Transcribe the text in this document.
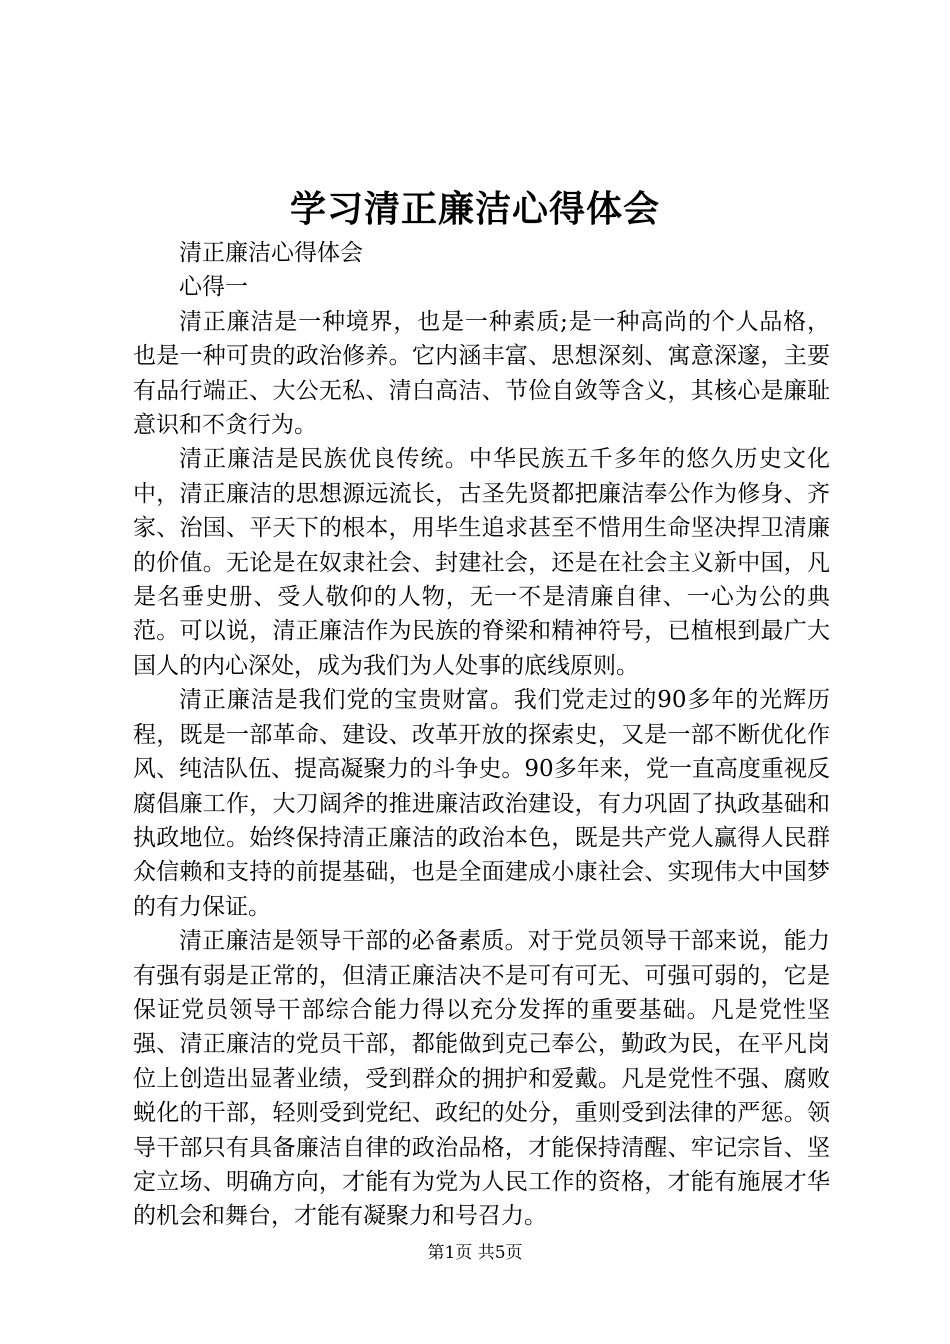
学习清正廉洁心得体会

清正廉洁心得体会

心得一

清正廉洁是一种境界，也是一种素质;是一种高尚的个人品格，也是一种可贵的政治修养。它内涵丰富、思想深刻、寓意深邃，主要有品行端正、大公无私、清白高洁、节俭自敛等含义，其核心是廉耻意识和不贪行为。

清正廉洁是民族优良传统。中华民族五千多年的悠久历史文化中，清正廉洁的思想源远流长，古圣先贤都把廉洁奉公作为修身、齐家、治国、平天下的根本，用毕生追求甚至不惜用生命坚决捍卫清廉的价值。无论是在奴隶社会、封建社会，还是在社会主义新中国，凡是名垂史册、受人敬仰的人物，无一不是清廉自律、一心为公的典范。可以说，清正廉洁作为民族的脊梁和精神符号，已植根到最广大国人的内心深处，成为我们为人处事的底线原则。

清正廉洁是我们党的宝贵财富。我们党走过的90多年的光辉历程，既是一部革命、建设、改革开放的探索史，又是一部不断优化作风、纯洁队伍、提高凝聚力的斗争史。90多年来，党一直高度重视反腐倡廉工作，大刀阔斧的推进廉洁政治建设，有力巩固了执政基础和执政地位。始终保持清正廉洁的政治本色，既是共产党人赢得人民群众信赖和支持的前提基础，也是全面建成小康社会、实现伟大中国梦的有力保证。

清正廉洁是领导干部的必备素质。对于党员领导干部来说，能力有强有弱是正常的，但清正廉洁决不是可有可无、可强可弱的，它是保证党员领导干部综合能力得以充分发挥的重要基础。凡是党性坚强、清正廉洁的党员干部，都能做到克己奉公，勤政为民，在平凡岗位上创造出显著业绩，受到群众的拥护和爱戴。凡是党性不强、腐败蜕化的干部，轻则受到党纪、政纪的处分，重则受到法律的严惩。领导干部只有具备廉洁自律的政治品格，才能保持清醒、牢记宗旨、坚定立场、明确方向，才能有为党为人民工作的资格，才能有施展才华的机会和舞台，才能有凝聚力和号召力。

第1页 共5页
